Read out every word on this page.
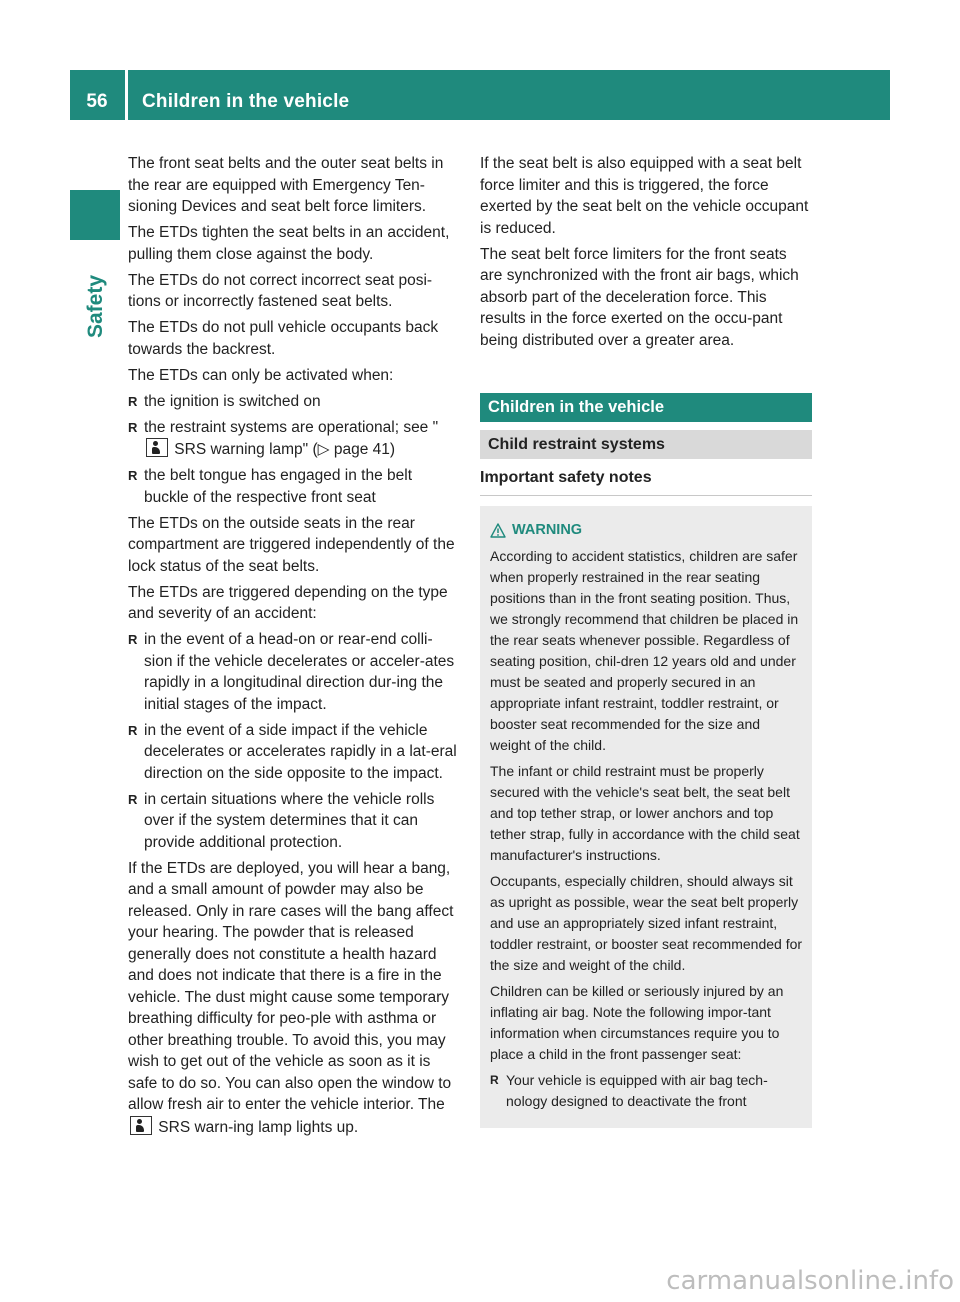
56	Children in the vehicle
Safety

The front seat belts and the outer seat belts in the rear are equipped with Emergency Ten-sioning Devices and seat belt force limiters.

The ETDs tighten the seat belts in an accident, pulling them close against the body.

The ETDs do not correct incorrect seat posi-tions or incorrectly fastened seat belts.

The ETDs do not pull vehicle occupants back towards the backrest.

The ETDs can only be activated when:

R the ignition is switched on
R the restraint systems are operational; see " SRS warning lamp" (▷ page 41)
R the belt tongue has engaged in the belt buckle of the respective front seat

The ETDs on the outside seats in the rear compartment are triggered independently of the lock status of the seat belts.

The ETDs are triggered depending on the type and severity of an accident:

R in the event of a head-on or rear-end colli-sion if the vehicle decelerates or acceler-ates rapidly in a longitudinal direction dur-ing the initial stages of the impact.
R in the event of a side impact if the vehicle decelerates or accelerates rapidly in a lat-eral direction on the side opposite to the impact.
R in certain situations where the vehicle rolls over if the system determines that it can provide additional protection.

If the ETDs are deployed, you will hear a bang, and a small amount of powder may also be released. Only in rare cases will the bang affect your hearing. The powder that is released generally does not constitute a health hazard and does not indicate that there is a fire in the vehicle. The dust might cause some temporary breathing difficulty for peo-ple with asthma or other breathing trouble. To avoid this, you may wish to get out of the vehicle as soon as it is safe to do so. You can also open the window to allow fresh air to enter the vehicle interior. The  SRS warn-ing lamp lights up.

If the seat belt is also equipped with a seat belt force limiter and this is triggered, the force exerted by the seat belt on the vehicle occupant is reduced.

The seat belt force limiters for the front seats are synchronized with the front air bags, which absorb part of the deceleration force. This results in the force exerted on the occu-pant being distributed over a greater area.

Children in the vehicle
Child restraint systems
Important safety notes
WARNING

According to accident statistics, children are safer when properly restrained in the rear seating positions than in the front seating position. Thus, we strongly recommend that children be placed in the rear seats whenever possible. Regardless of seating position, chil-dren 12 years old and under must be seated and properly secured in an appropriate infant restraint, toddler restraint, or booster seat recommended for the size and weight of the child.

The infant or child restraint must be properly secured with the vehicle's seat belt, the seat belt and top tether strap, or lower anchors and top tether strap, fully in accordance with the child seat manufacturer's instructions.

Occupants, especially children, should always sit as upright as possible, wear the seat belt properly and use an appropriately sized infant restraint, toddler restraint, or booster seat recommended for the size and weight of the child.

Children can be killed or seriously injured by an inflating air bag. Note the following impor-tant information when circumstances require you to place a child in the front passenger seat:

R Your vehicle is equipped with air bag tech-nology designed to deactivate the front
carmanualsonline.info
